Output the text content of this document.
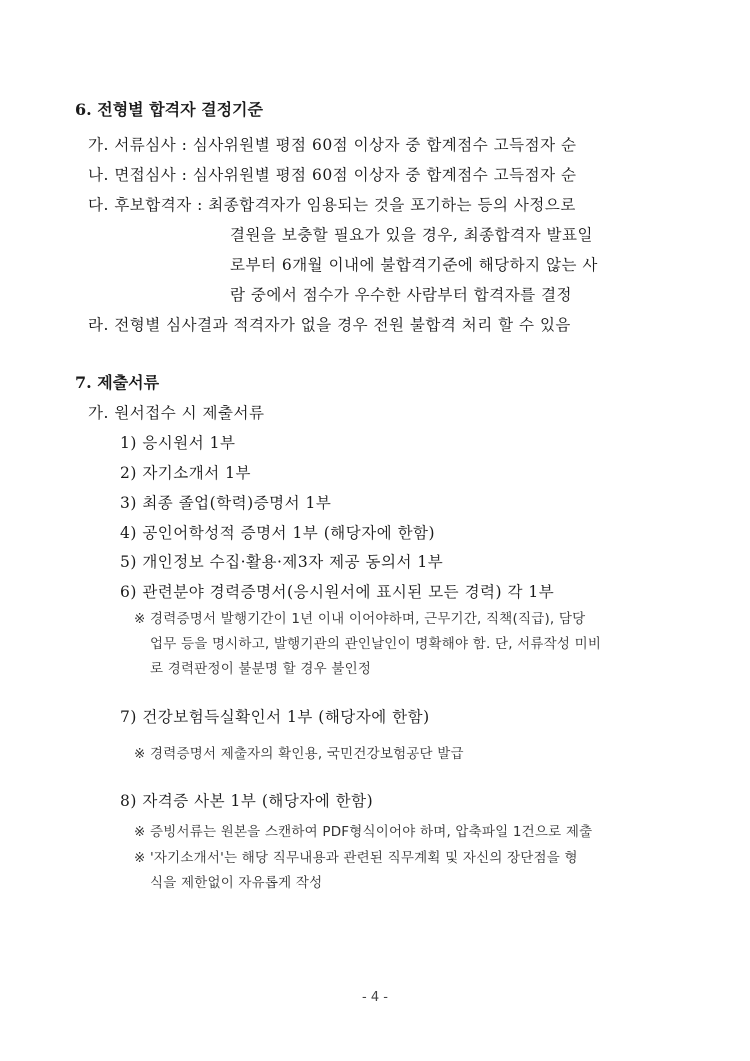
6. 전형별 합격자 결정기준
가. 서류심사 : 심사위원별 평점 60점 이상자 중 합계점수 고득점자 순
나. 면접심사 : 심사위원별 평점 60점 이상자 중 합계점수 고득점자 순
다. 후보합격자 : 최종합격자가 임용되는 것을 포기하는 등의 사정으로
결원을 보충할 필요가 있을 경우, 최종합격자 발표일
로부터 6개월 이내에 불합격기준에 해당하지 않는 사
람 중에서 점수가 우수한 사람부터 합격자를 결정
라. 전형별 심사결과 적격자가 없을 경우 전원 불합격 처리 할 수 있음
7. 제출서류
가. 원서접수 시 제출서류
1) 응시원서 1부
2) 자기소개서 1부
3) 최종 졸업(학력)증명서 1부
4) 공인어학성적 증명서 1부 (해당자에 한함)
5) 개인정보 수집·활용·제3자 제공 동의서 1부
6) 관련분야 경력증명서(응시원서에 표시된 모든 경력) 각 1부
※ 경력증명서 발행기간이 1년 이내 이어야하며, 근무기간, 직책(직급), 담당
업무 등을 명시하고, 발행기관의 관인날인이 명확해야 함. 단, 서류작성 미비
로 경력판정이 불분명 할 경우 불인정
7) 건강보험득실확인서 1부 (해당자에 한함)
※ 경력증명서 제출자의 확인용, 국민건강보험공단 발급
8) 자격증 사본 1부 (해당자에 한함)
※ 증빙서류는 원본을 스캔하여 PDF형식이어야 하며, 압축파일 1건으로 제출
※ '자기소개서'는 해당 직무내용과 관련된 직무계획 및 자신의 장단점을 형
식을 제한없이 자유롭게 작성
- 4 -
